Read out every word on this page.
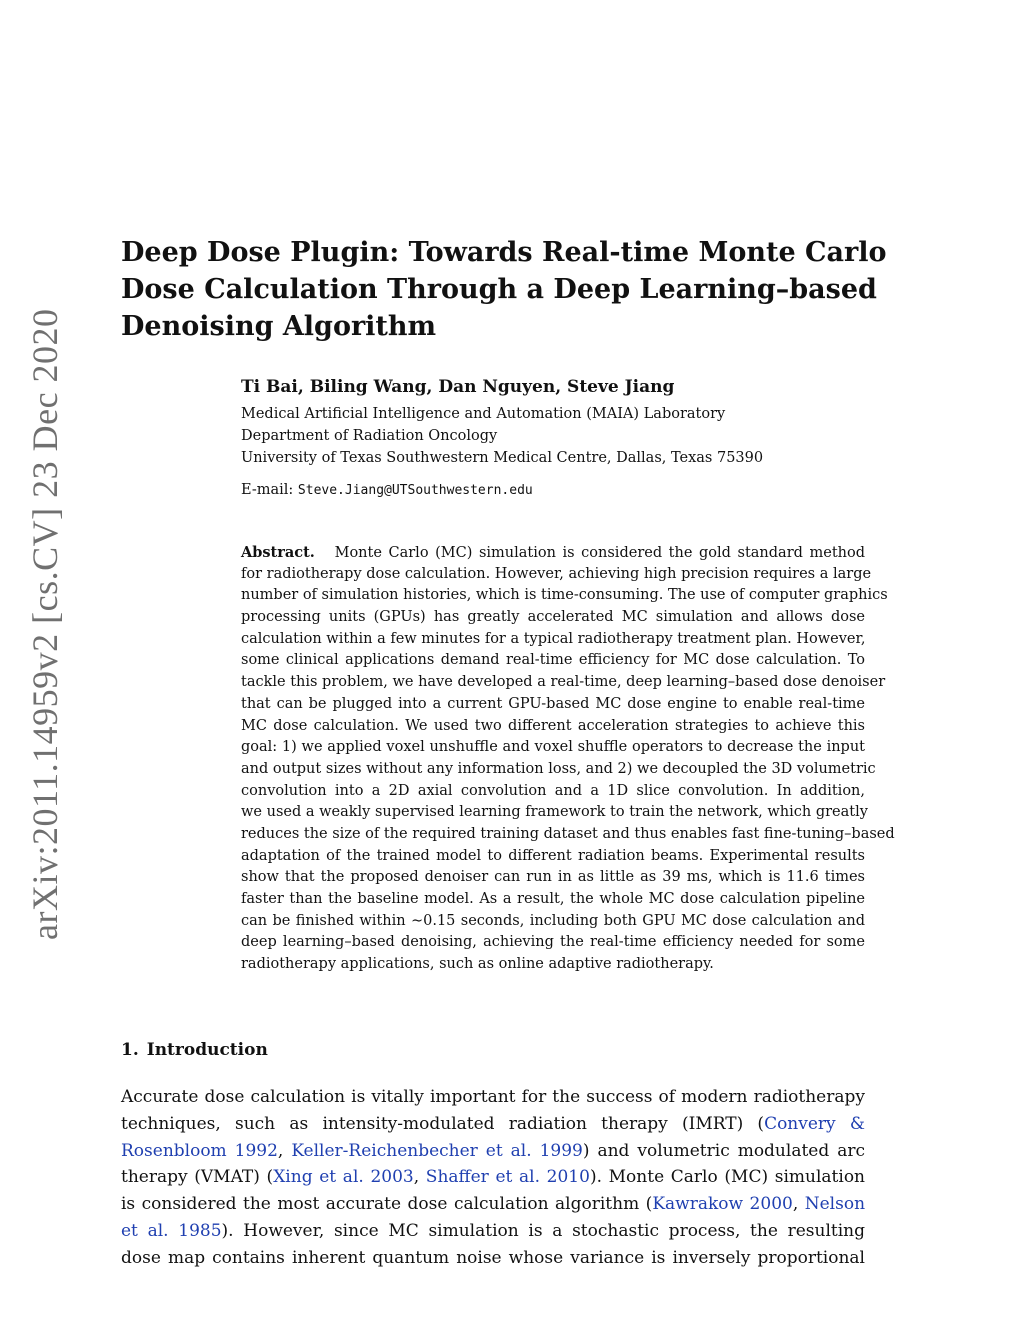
arXiv:2011.14959v2 [cs.CV] 23 Dec 2020
Deep Dose Plugin: Towards Real-time Monte Carlo
Dose Calculation Through a Deep Learning–based
Denoising Algorithm
Ti Bai, Biling Wang, Dan Nguyen, Steve Jiang
Medical Artificial Intelligence and Automation (MAIA) Laboratory
Department of Radiation Oncology
University of Texas Southwestern Medical Centre, Dallas, Texas 75390
E-mail: Steve.Jiang@UTSouthwestern.edu
Abstract. Monte Carlo (MC) simulation is considered the gold standard method
for radiotherapy dose calculation. However, achieving high precision requires a large
number of simulation histories, which is time-consuming. The use of computer graphics
processing units (GPUs) has greatly accelerated MC simulation and allows dose
calculation within a few minutes for a typical radiotherapy treatment plan. However,
some clinical applications demand real-time efficiency for MC dose calculation. To
tackle this problem, we have developed a real-time, deep learning–based dose denoiser
that can be plugged into a current GPU-based MC dose engine to enable real-time
MC dose calculation. We used two different acceleration strategies to achieve this
goal: 1) we applied voxel unshuffle and voxel shuffle operators to decrease the input
and output sizes without any information loss, and 2) we decoupled the 3D volumetric
convolution into a 2D axial convolution and a 1D slice convolution. In addition,
we used a weakly supervised learning framework to train the network, which greatly
reduces the size of the required training dataset and thus enables fast fine-tuning–based
adaptation of the trained model to different radiation beams. Experimental results
show that the proposed denoiser can run in as little as 39 ms, which is 11.6 times
faster than the baseline model. As a result, the whole MC dose calculation pipeline
can be finished within ∼0.15 seconds, including both GPU MC dose calculation and
deep learning–based denoising, achieving the real-time efficiency needed for some
radiotherapy applications, such as online adaptive radiotherapy.
1. Introduction
Accurate dose calculation is vitally important for the success of modern radiotherapy
techniques, such as intensity-modulated radiation therapy (IMRT) (Convery &
Rosenbloom 1992, Keller-Reichenbecher et al. 1999) and volumetric modulated arc
therapy (VMAT) (Xing et al. 2003, Shaffer et al. 2010). Monte Carlo (MC) simulation
is considered the most accurate dose calculation algorithm (Kawrakow 2000, Nelson
et al. 1985). However, since MC simulation is a stochastic process, the resulting
dose map contains inherent quantum noise whose variance is inversely proportional
